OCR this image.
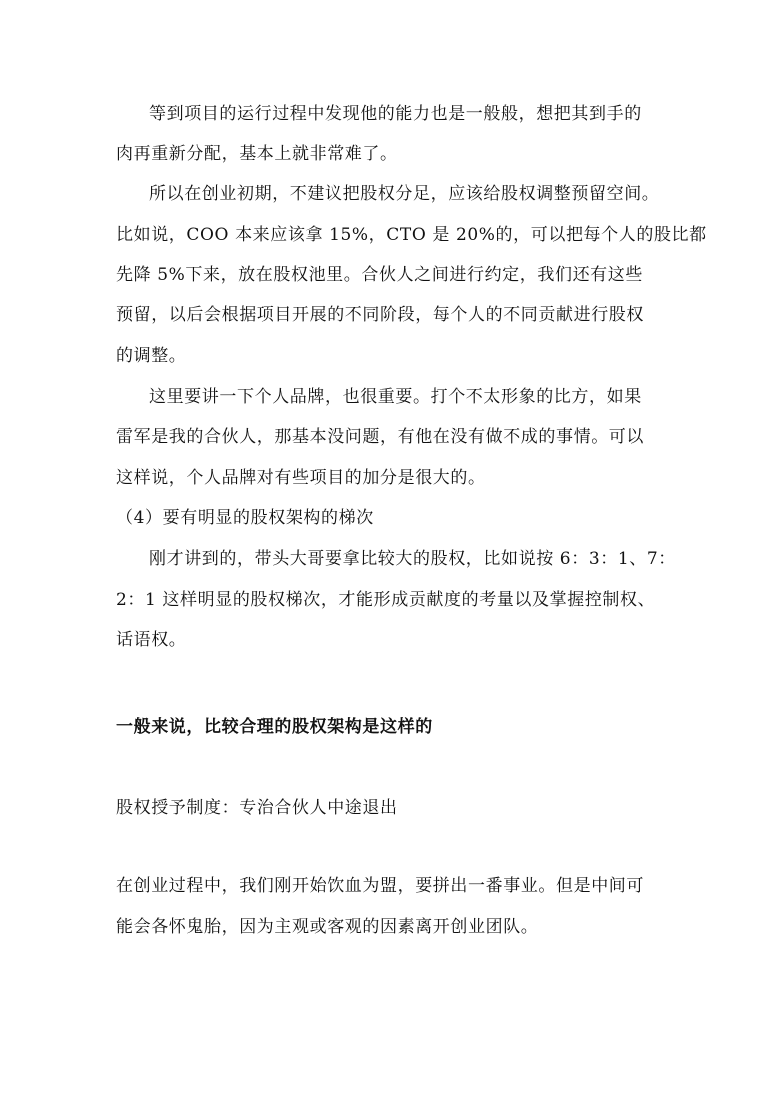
等到项目的运行过程中发现他的能力也是一般般，想把其到手的

肉再重新分配，基本上就非常难了。

所以在创业初期，不建议把股权分足，应该给股权调整预留空间。

比如说，COO 本来应该拿 15%，CTO 是 20%的，可以把每个人的股比都

先降 5%下来，放在股权池里。合伙人之间进行约定，我们还有这些

预留，以后会根据项目开展的不同阶段，每个人的不同贡献进行股权

的调整。

这里要讲一下个人品牌，也很重要。打个不太形象的比方，如果

雷军是我的合伙人，那基本没问题，有他在没有做不成的事情。可以

这样说，个人品牌对有些项目的加分是很大的。

（4）要有明显的股权架构的梯次

刚才讲到的，带头大哥要拿比较大的股权，比如说按 6：3：1、7：

2：1 这样明显的股权梯次，才能形成贡献度的考量以及掌握控制权、

话语权。

一般来说，比较合理的股权架构是这样的

股权授予制度：专治合伙人中途退出

在创业过程中，我们刚开始饮血为盟，要拼出一番事业。但是中间可

能会各怀鬼胎，因为主观或客观的因素离开创业团队。
